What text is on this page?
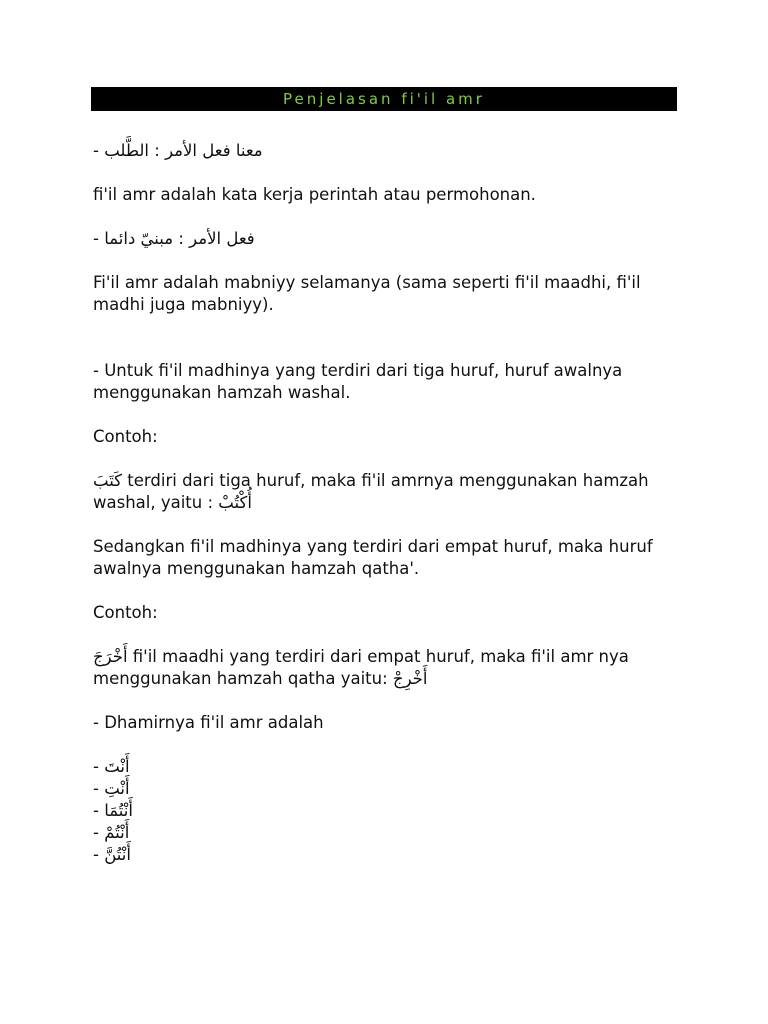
Penjelasan fi'il amr

- معنا فعل الأمر : الطَّلب

fi'il amr adalah kata kerja perintah atau permohonan.

- فعل الأمر : مبنيّ دائما

Fi'il amr adalah mabniyy selamanya (sama seperti fi'il maadhi, fi'il madhi juga mabniyy).

- Untuk fi'il madhinya yang terdiri dari tiga huruf, huruf awalnya menggunakan hamzah washal.

Contoh:

كَتَبَ terdiri dari tiga huruf, maka fi'il amrnya menggunakan hamzah washal, yaitu : أُكْتُبْ

Sedangkan fi'il madhinya yang terdiri dari empat huruf, maka huruf awalnya menggunakan hamzah qatha'.

Contoh:

أَخْرَجَ fi'il maadhi yang terdiri dari empat huruf, maka fi'il amr nya menggunakan hamzah qatha yaitu: أَخْرِجْ

- Dhamirnya fi'il amr adalah

- أَنْتَ

- أَنْتِ

- أَنْتُمَا

- أَنْتُمْ

- أَنْتُنَّ
